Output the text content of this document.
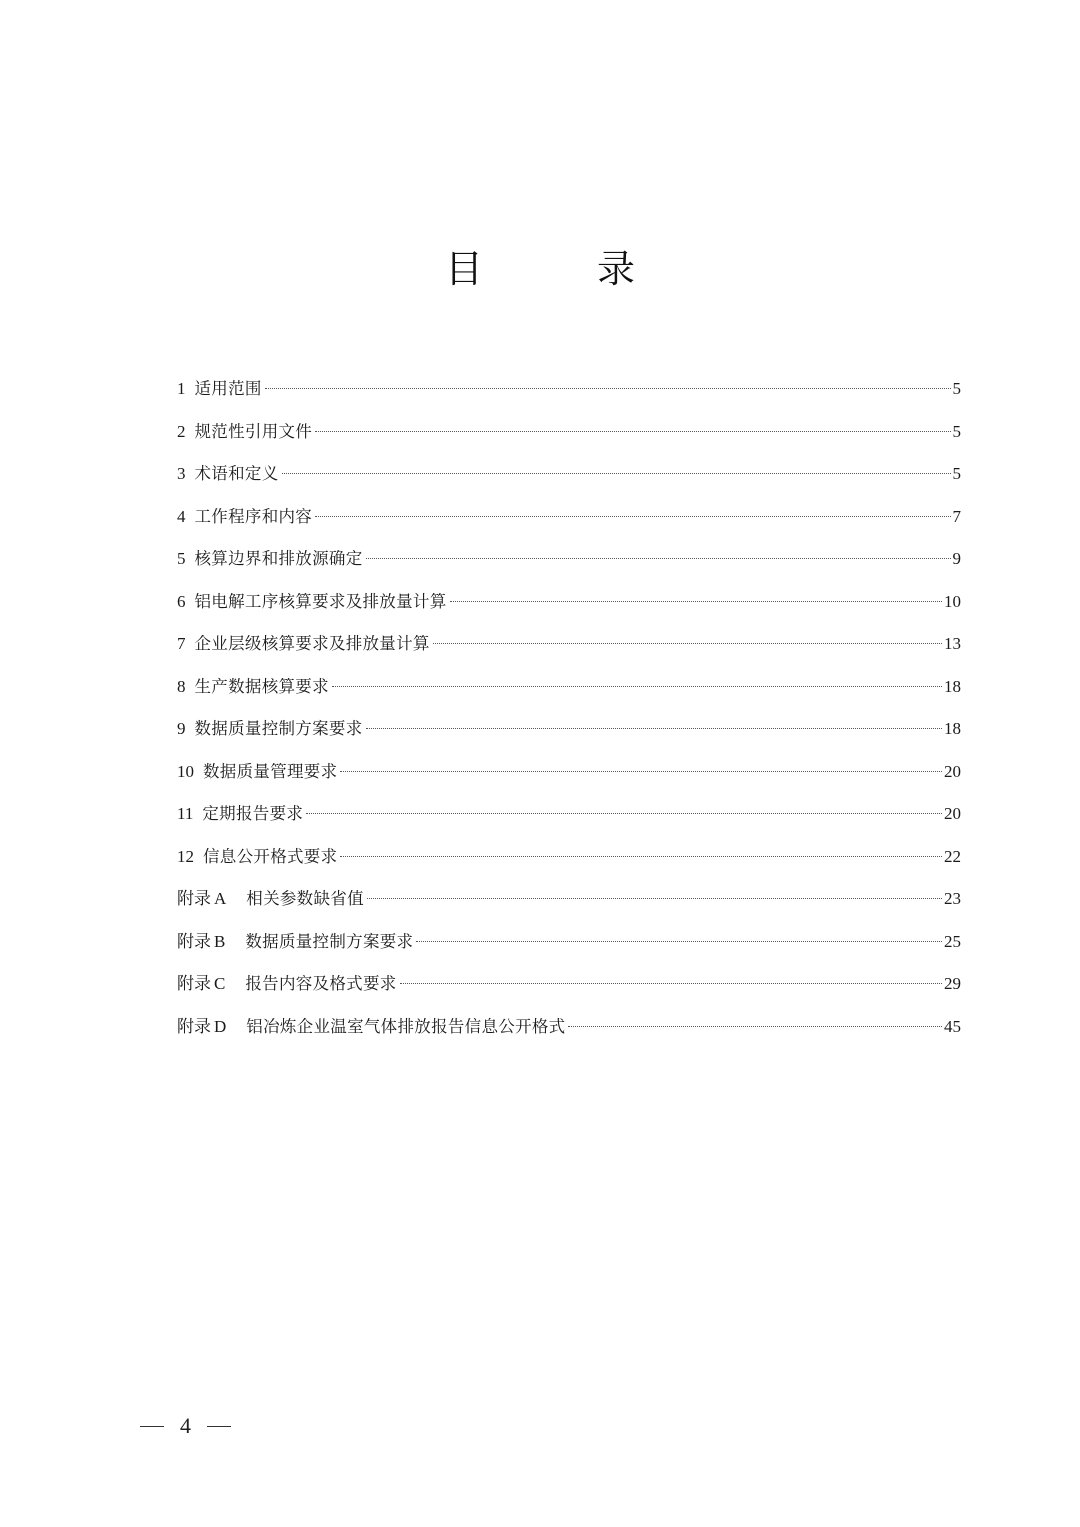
目　　　录
1 适用范围	5
2 规范性引用文件	5
3 术语和定义	5
4 工作程序和内容	7
5 核算边界和排放源确定	9
6 铝电解工序核算要求及排放量计算	10
7 企业层级核算要求及排放量计算	13
8 生产数据核算要求	18
9 数据质量控制方案要求	18
10 数据质量管理要求	20
11 定期报告要求	20
12 信息公开格式要求	22
附录 A 相关参数缺省值	23
附录 B 数据质量控制方案要求	25
附录 C 报告内容及格式要求	29
附录 D 铝冶炼企业温室气体排放报告信息公开格式	45
4
